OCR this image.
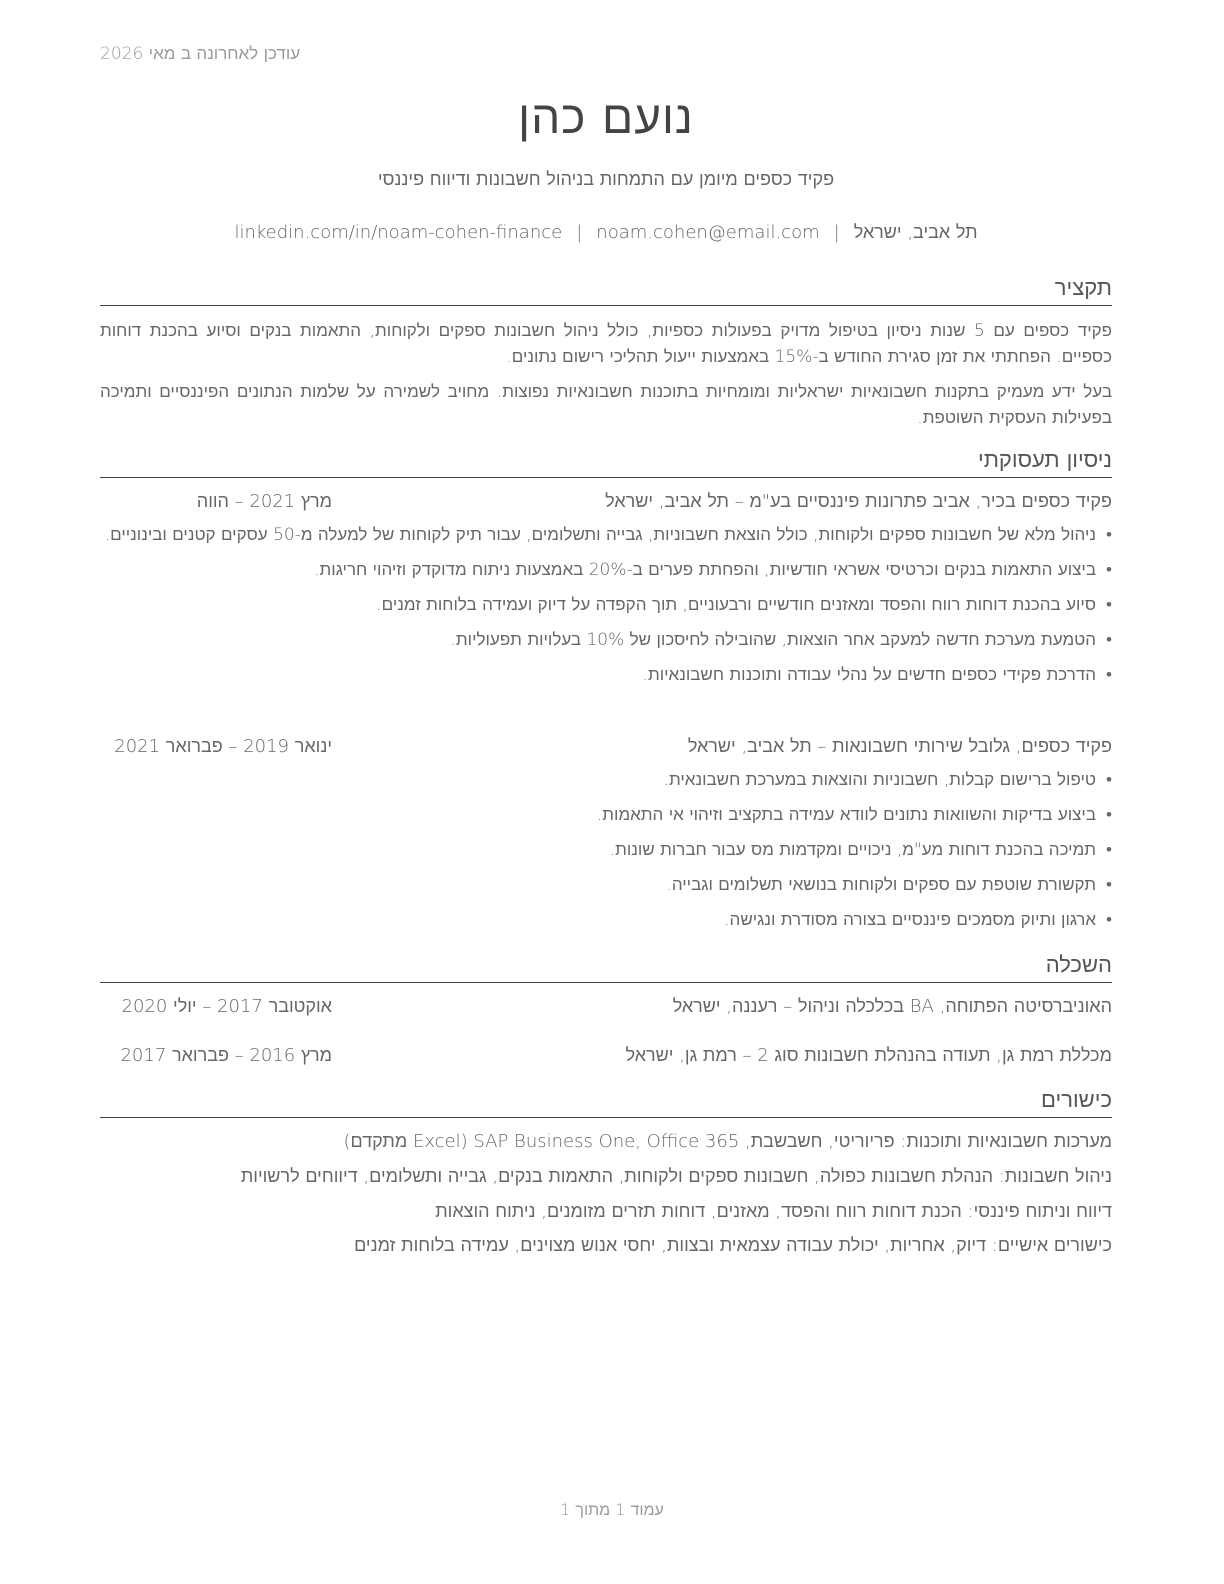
עודכן לאחרונה ב מאי 2026
נועם כהן
פקיד כספים מיומן עם התמחות בניהול חשבונות ודיווח פיננסי
תל אביב, ישראל|noam.cohen@email.com|linkedin.com/in/noam-cohen-finance
תקציר
פקיד כספים עם 5 שנות ניסיון בטיפול מדויק בפעולות כספיות, כולל ניהול חשבונות ספקים ולקוחות, התאמות בנקים וסיוע בהכנת דוחות כספיים. הפחתתי את זמן סגירת החודש ב-15% באמצעות ייעול תהליכי רישום נתונים.
בעל ידע מעמיק בתקנות חשבונאיות ישראליות ומומחיות בתוכנות חשבונאיות נפוצות. מחויב לשמירה על שלמות הנתונים הפיננסיים ותמיכה בפעילות העסקית השוטפת.
ניסיון תעסוקתי
פקיד כספים בכיר, אביב פתרונות פיננסיים בע"מ – תל אביב, ישראל
מרץ 2021 – הווה
• ניהול מלא של חשבונות ספקים ולקוחות, כולל הוצאת חשבוניות, גבייה ותשלומים, עבור תיק לקוחות של למעלה מ-50 עסקים קטנים ובינוניים.
• ביצוע התאמות בנקים וכרטיסי אשראי חודשיות, והפחתת פערים ב-20% באמצעות ניתוח מדוקדק וזיהוי חריגות.
• סיוע בהכנת דוחות רווח והפסד ומאזנים חודשיים ורבעוניים, תוך הקפדה על דיוק ועמידה בלוחות זמנים.
• הטמעת מערכת חדשה למעקב אחר הוצאות, שהובילה לחיסכון של 10% בעלויות תפעוליות.
• הדרכת פקידי כספים חדשים על נהלי עבודה ותוכנות חשבונאיות.
פקיד כספים, גלובל שירותי חשבונאות – תל אביב, ישראל
ינואר 2019 – פברואר 2021
• טיפול ברישום קבלות, חשבוניות והוצאות במערכת חשבונאית.
• ביצוע בדיקות והשוואות נתונים לוודא עמידה בתקציב וזיהוי אי התאמות.
• תמיכה בהכנת דוחות מע"מ, ניכויים ומקדמות מס עבור חברות שונות.
• תקשורת שוטפת עם ספקים ולקוחות בנושאי תשלומים וגבייה.
• ארגון ותיוק מסמכים פיננסיים בצורה מסודרת ונגישה.
השכלה
האוניברסיטה הפתוחה, BA בכלכלה וניהול – רעננה, ישראל
אוקטובר 2017 – יולי 2020
מכללת רמת גן, תעודה בהנהלת חשבונות סוג 2 – רמת גן, ישראל
מרץ 2016 – פברואר 2017
כישורים
מערכות חשבונאיות ותוכנות: פריוריטי, חשבשבת, SAP Business One, Office 365 (Excel מתקדם)
ניהול חשבונות: הנהלת חשבונות כפולה, חשבונות ספקים ולקוחות, התאמות בנקים, גבייה ותשלומים, דיווחים לרשויות
דיווח וניתוח פיננסי: הכנת דוחות רווח והפסד, מאזנים, דוחות תזרים מזומנים, ניתוח הוצאות
כישורים אישיים: דיוק, אחריות, יכולת עבודה עצמאית ובצוות, יחסי אנוש מצוינים, עמידה בלוחות זמנים
עמוד 1 מתוך 1
